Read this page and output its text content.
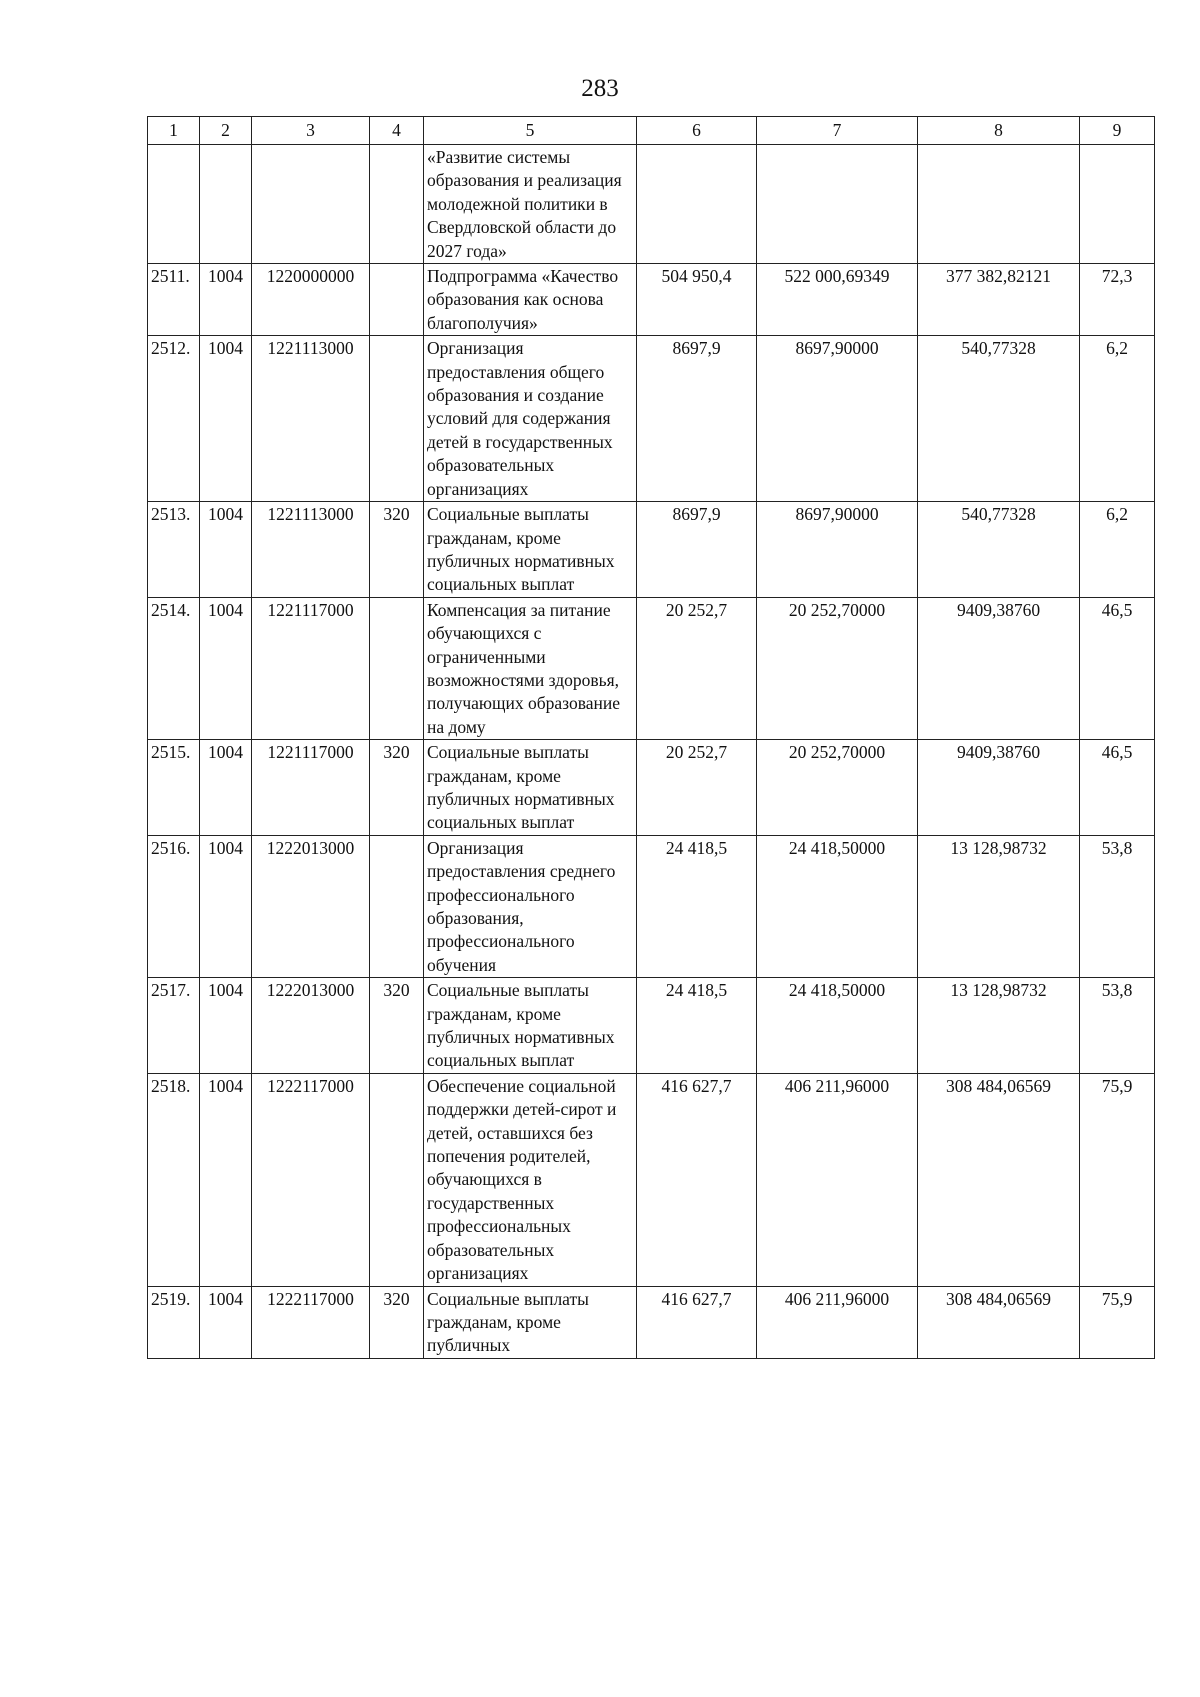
283
1	2	3	4	5	6	7	8	9
				«Развитие системы образования и реализация молодежной политики в Свердловской области до 2027 года»				
2511.	1004	1220000000		Подпрограмма «Качество образования как основа благополучия»	504 950,4	522 000,69349	377 382,82121	72,3
2512.	1004	1221113000		Организация предоставления общего образования и создание условий для содержания детей в государственных образовательных организациях	8697,9	8697,90000	540,77328	6,2
2513.	1004	1221113000	320	Социальные выплаты гражданам, кроме публичных нормативных социальных выплат	8697,9	8697,90000	540,77328	6,2
2514.	1004	1221117000		Компенсация за питание обучающихся с ограниченными возможностями здоровья, получающих образование на дому	20 252,7	20 252,70000	9409,38760	46,5
2515.	1004	1221117000	320	Социальные выплаты гражданам, кроме публичных нормативных социальных выплат	20 252,7	20 252,70000	9409,38760	46,5
2516.	1004	1222013000		Организация предоставления среднего профессионального образования, профессионального обучения	24 418,5	24 418,50000	13 128,98732	53,8
2517.	1004	1222013000	320	Социальные выплаты гражданам, кроме публичных нормативных социальных выплат	24 418,5	24 418,50000	13 128,98732	53,8
2518.	1004	1222117000		Обеспечение социальной поддержки детей-сирот и детей, оставшихся без попечения родителей, обучающихся в государственных профессиональных образовательных организациях	416 627,7	406 211,96000	308 484,06569	75,9
2519.	1004	1222117000	320	Социальные выплаты гражданам, кроме публичных	416 627,7	406 211,96000	308 484,06569	75,9
